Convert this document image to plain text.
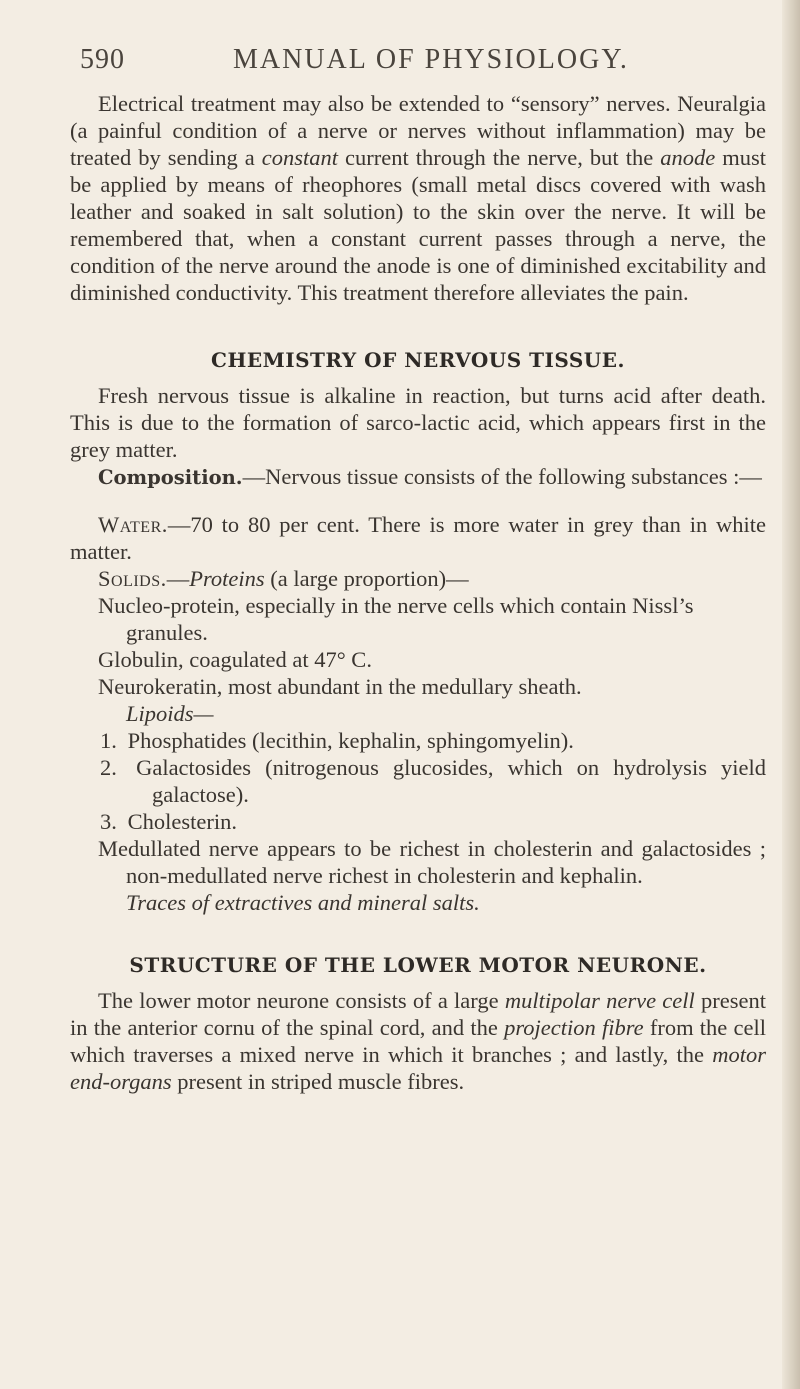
590	MANUAL OF PHYSIOLOGY.

Electrical treatment may also be extended to “sensory” nerves. Neuralgia (a painful condition of a nerve or nerves without inflammation) may be treated by sending a constant current through the nerve, but the anode must be applied by means of rheophores (small metal discs covered with wash leather and soaked in salt solution) to the skin over the nerve. It will be remembered that, when a constant current passes through a nerve, the condition of the nerve around the anode is one of diminished excitability and diminished conductivity. This treatment therefore alleviates the pain.

CHEMISTRY OF NERVOUS TISSUE.

Fresh nervous tissue is alkaline in reaction, but turns acid after death. This is due to the formation of sarco-lactic acid, which appears first in the grey matter.

Composition.—Nervous tissue consists of the following substances :—

Water.—70 to 80 per cent. There is more water in grey than in white matter.

Solids.—Proteins (a large proportion)—

Nucleo-protein, especially in the nerve cells which contain Nissl’s granules.

Globulin, coagulated at 47° C.

Neurokeratin, most abundant in the medullary sheath.

Lipoids—

1. Phosphatides (lecithin, kephalin, sphingomyelin).

2. Galactosides (nitrogenous glucosides, which on hydrolysis yield galactose).

3. Cholesterin.

Medullated nerve appears to be richest in cholesterin and galactosides ; non-medullated nerve richest in cholesterin and kephalin.

Traces of extractives and mineral salts.

STRUCTURE OF THE LOWER MOTOR NEURONE.

The lower motor neurone consists of a large multipolar nerve cell present in the anterior cornu of the spinal cord, and the projection fibre from the cell which traverses a mixed nerve in which it branches ; and lastly, the motor end-organs present in striped muscle fibres.
